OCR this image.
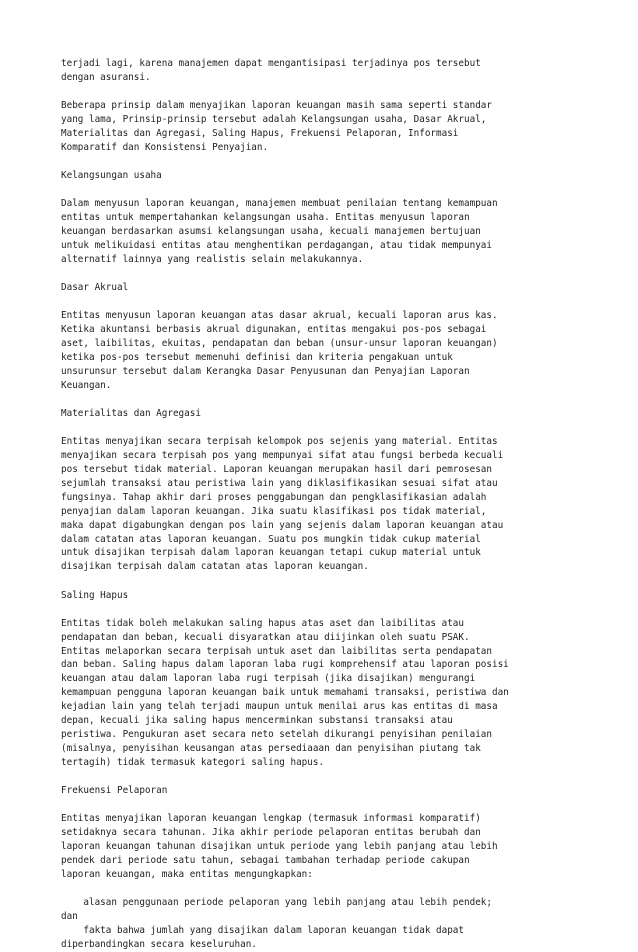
terjadi lagi, karena manajemen dapat mengantisipasi terjadinya pos tersebut
dengan asuransi.

Beberapa prinsip dalam menyajikan laporan keuangan masih sama seperti standar
yang lama, Prinsip-prinsip tersebut adalah Kelangsungan usaha, Dasar Akrual,
Materialitas dan Agregasi, Saling Hapus, Frekuensi Pelaporan, Informasi
Komparatif dan Konsistensi Penyajian.

Kelangsungan usaha

Dalam menyusun laporan keuangan, manajemen membuat penilaian tentang kemampuan
entitas untuk mempertahankan kelangsungan usaha. Entitas menyusun laporan
keuangan berdasarkan asumsi kelangsungan usaha, kecuali manajemen bertujuan
untuk melikuidasi entitas atau menghentikan perdagangan, atau tidak mempunyai
alternatif lainnya yang realistis selain melakukannya.

Dasar Akrual

Entitas menyusun laporan keuangan atas dasar akrual, kecuali laporan arus kas.
Ketika akuntansi berbasis akrual digunakan, entitas mengakui pos-pos sebagai
aset, laibilitas, ekuitas, pendapatan dan beban (unsur-unsur laporan keuangan)
ketika pos-pos tersebut memenuhi definisi dan kriteria pengakuan untuk
unsurunsur tersebut dalam Kerangka Dasar Penyusunan dan Penyajian Laporan
Keuangan.

Materialitas dan Agregasi

Entitas menyajikan secara terpisah kelompok pos sejenis yang material. Entitas
menyajikan secara terpisah pos yang mempunyai sifat atau fungsi berbeda kecuali
pos tersebut tidak material. Laporan keuangan merupakan hasil dari pemrosesan
sejumlah transaksi atau peristiwa lain yang diklasifikasikan sesuai sifat atau
fungsinya. Tahap akhir dari proses penggabungan dan pengklasifikasian adalah
penyajian dalam laporan keuangan. Jika suatu klasifikasi pos tidak material,
maka dapat digabungkan dengan pos lain yang sejenis dalam laporan keuangan atau
dalam catatan atas laporan keuangan. Suatu pos mungkin tidak cukup material
untuk disajikan terpisah dalam laporan keuangan tetapi cukup material untuk
disajikan terpisah dalam catatan atas laporan keuangan.

Saling Hapus

Entitas tidak boleh melakukan saling hapus atas aset dan laibilitas atau
pendapatan dan beban, kecuali disyaratkan atau diijinkan oleh suatu PSAK.
Entitas melaporkan secara terpisah untuk aset dan laibilitas serta pendapatan
dan beban. Saling hapus dalam laporan laba rugi komprehensif atau laporan posisi
keuangan atau dalam laporan laba rugi terpisah (jika disajikan) mengurangi
kemampuan pengguna laporan keuangan baik untuk memahami transaksi, peristiwa dan
kejadian lain yang telah terjadi maupun untuk menilai arus kas entitas di masa
depan, kecuali jika saling hapus mencerminkan substansi transaksi atau
peristiwa. Pengukuran aset secara neto setelah dikurangi penyisihan penilaian
(misalnya, penyisihan keusangan atas persediaaan dan penyisihan piutang tak
tertagih) tidak termasuk kategori saling hapus.

Frekuensi Pelaporan

Entitas menyajikan laporan keuangan lengkap (termasuk informasi komparatif)
setidaknya secara tahunan. Jika akhir periode pelaporan entitas berubah dan
laporan keuangan tahunan disajikan untuk periode yang lebih panjang atau lebih
pendek dari periode satu tahun, sebagai tambahan terhadap periode cakupan
laporan keuangan, maka entitas mengungkapkan:

alasan penggunaan periode pelaporan yang lebih panjang atau lebih pendek;
dan
fakta bahwa jumlah yang disajikan dalam laporan keuangan tidak dapat
diperbandingkan secara keseluruhan.
